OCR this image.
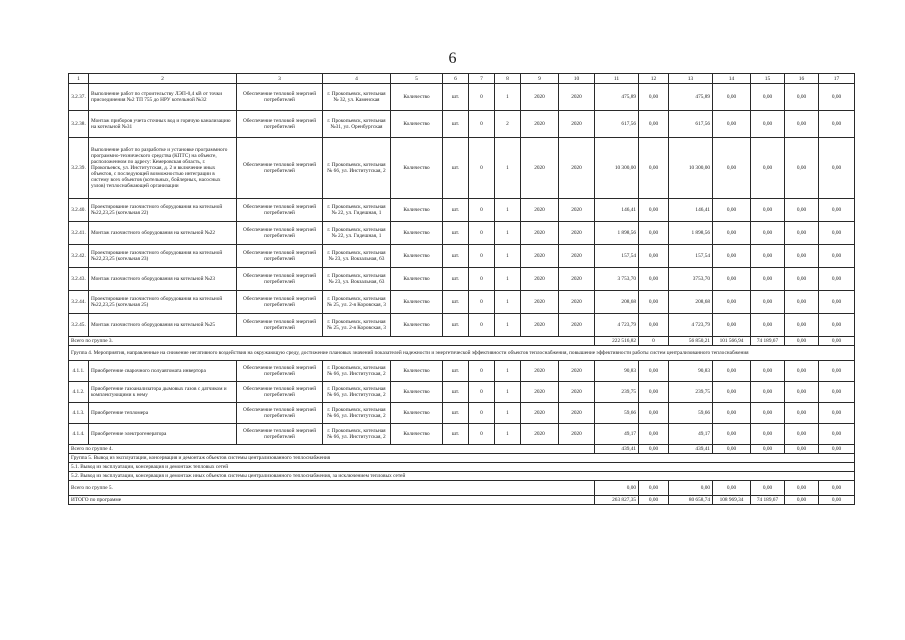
6
1	2	3	4	5	6	7	8	9	10	11	12	13	14	15	16	17
3.2.37.	Выполнение работ по строительству ЛЭП-0,4 кВ от точки присоединения №2 ТП 755 до НРУ котельной №32	Обеспечение тепловой энергией потребителей	г. Прокопьевск, котельная № 32, ул. Каменская	Количество	шт.	0	1	2020	2020	475,89	0,00	475,89	0,00	0,00	0,00	0,00
3.2.38.	Монтаж приборов учета сточных вод и горячую канализацию на котельной №31	Обеспечение тепловой энергией потребителей	г. Прокопьевск, котельная №31, ул. Оренбургская	Количество	шт.	0	2	2020	2020	617,56	0,00	617,56	0,00	0,00	0,00	0,00
3.2.39.	Выполнение работ по разработке и установке программного программно-технического средства (КПТС) на объекте, расположенном по адресу: Кемеровская область, г. Прокопьевск, ул. Институтская, д. 2 и включение иных объектов, с последующей возможностью интеграции в систему всех объектов (котельных, бойлерных, насосных узлов) теплоснабжающей организации	Обеспечение тепловой энергией потребителей	г. Прокопьевск, котельная № 66, ул. Институтская, 2	Количество	шт.	0	1	2020	2020	10 300,00	0,00	10 300,00	0,00	0,00	0,00	0,00
3.2.40.	Проектирование газочистного оборудования на котельной №22,23,25 (котельная 22)	Обеспечение тепловой энергией потребителей	г. Прокопьевск, котельная № 22, ул. Гидешная, 1	Количество	шт.	0	1	2020	2020	146,41	0,00	146,41	0,00	0,00	0,00	0,00
3.2.41.	Монтаж газочистного оборудования на котельной №22	Обеспечение тепловой энергией потребителей	г. Прокопьевск, котельная № 22, ул. Гидешная, 1	Количество	шт.	0	1	2020	2020	1 898,56	0,00	1 898,56	0,00	0,00	0,00	0,00
3.2.42.	Проектирование газочистного оборудования на котельной №22,23,25 (котельная 23)	Обеспечение тепловой энергией потребителей	г. Прокопьевск, котельная № 23, ул. Вокзальная, 63	Количество	шт.	0	1	2020	2020	157,54	0,00	157,54	0,00	0,00	0,00	0,00
3.2.43.	Монтаж газочистного оборудования на котельной №23	Обеспечение тепловой энергией потребителей	г. Прокопьевск, котельная № 23, ул. Вокзальная, 63	Количество	шт.	0	1	2020	2020	3 753,70	0,00	3753,70	0,00	0,00	0,00	0,00
3.2.44.	Проектирование газочистного оборудования на котельной №22,23,25 (котельная 25)	Обеспечение тепловой энергией потребителей	г. Прокопьевск, котельная № 25, ул. 2-я Коровская, 3	Количество	шт.	0	1	2020	2020	208,68	0,00	208,68	0,00	0,00	0,00	0,00
3.2.45.	Монтаж газочистного оборудования на котельной №25	Обеспечение тепловой энергией потребителей	г. Прокопьевск, котельная № 25, ул. 2-я Коровская, 3	Количество	шт.	0	1	2020	2020	4 723,79	0,00	4 723,79	0,00	0,00	0,00	0,00
Всего по группе 3.										222 516,82	0	56 850,21	101 566,94	74 189,67	0,00	0,00
Группа 4. Мероприятия, направленные на снижение негативного воздействия на окружающую среду, достижение плановых значений показателей надежности и энергетической эффективности объектов теплоснабжения, повышение эффективности работы систем централизованного теплоснабжения																
4.1.1.	Приобретение сварочного полуавтомата инвертора	Обеспечение тепловой энергией потребителей	г. Прокопьевск, котельная № 66, ул. Институтская, 2	Количество	шт.	0	1	2020	2020	90,83	0,00	90,83	0,00	0,00	0,00	0,00
4.1.2.	Приобретение газоанализатора дымовых газов с датчиком и комплектующими к нему	Обеспечение тепловой энергией потребителей	г. Прокопьевск, котельная № 66, ул. Институтская, 2	Количество	шт.	0	1	2020	2020	239,75	0,00	239,75	0,00	0,00	0,00	0,00
4.1.3.	Приобретение тепломера	Обеспечение тепловой энергией потребителей	г. Прокопьевск, котельная № 66, ул. Институтская, 2	Количество	шт.	0	1	2020	2020	59,66	0,00	59,66	0,00	0,00	0,00	0,00
4.1.4.	Приобретение электрогенератора	Обеспечение тепловой энергией потребителей	г. Прокопьевск, котельная № 66, ул. Институтская, 2	Количество	шт.	0	1	2020	2020	49,17	0,00	49,17	0,00	0,00	0,00	0,00
Всего по группе 4.										439,41	0,00	439,41	0,00	0,00	0,00	0,00
Группа 5. Вывод из эксплуатации, консервация и демонтаж объектов системы централизованного теплоснабжения																
5.1. Вывод из эксплуатации, консервация и демонтаж тепловых сетей																
5.2. Вывод из эксплуатации, консервация и демонтаж иных объектов системы централизованного теплоснабжения, за исключением тепловых сетей																
Всего по группе 5.										0,00	0,00	0,00	0,00	0,00	0,00	0,00
ИТОГО по программе										263 827,35	0,00	80 658,74	108 969,34	74 189,67	0,00	0,00
